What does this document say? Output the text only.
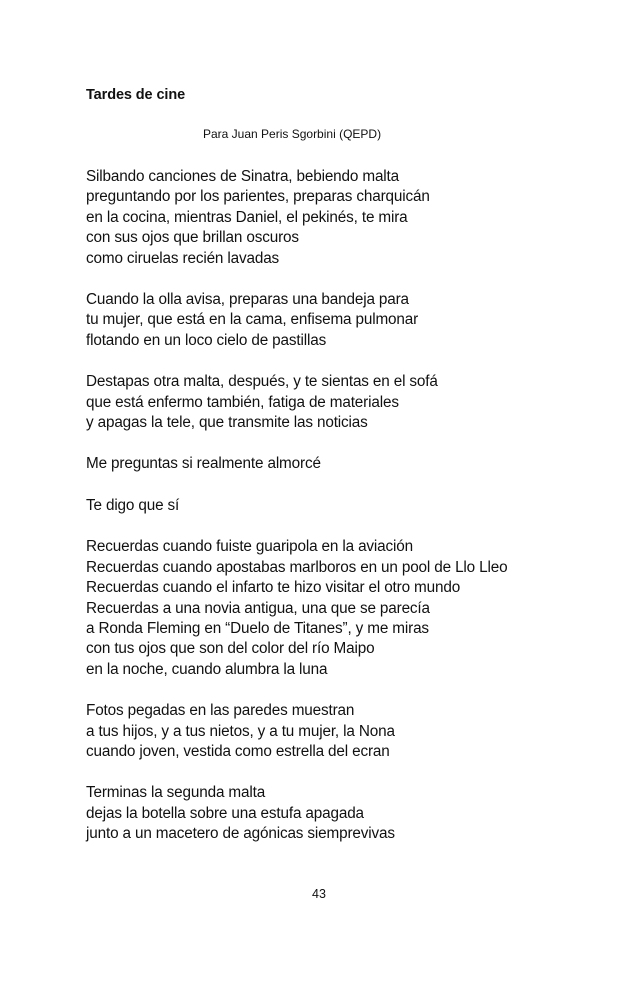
Tardes de cine
Para Juan Peris Sgorbini (QEPD)
Silbando canciones de Sinatra, bebiendo malta
preguntando por los parientes, preparas charquicán
en la cocina, mientras Daniel, el pekinés, te mira
con sus ojos que brillan oscuros
como ciruelas recién lavadas
Cuando la olla avisa, preparas una bandeja para
tu mujer, que está en la cama, enfisema pulmonar
flotando en un loco cielo de pastillas
Destapas otra malta, después, y te sientas en el sofá
que está enfermo también, fatiga de materiales
y apagas la tele, que transmite las noticias
Me preguntas si realmente almorcé
Te digo que sí
Recuerdas cuando fuiste guaripola en la aviación
Recuerdas cuando apostabas marlboros en un pool de Llo Lleo
Recuerdas cuando el infarto te hizo visitar el otro mundo
Recuerdas a una novia antigua, una que se parecía
a Ronda Fleming en “Duelo de Titanes”, y me miras
con tus ojos que son del color del río Maipo
en la noche, cuando alumbra la luna
Fotos pegadas en las paredes muestran
a tus hijos, y a tus nietos, y a tu mujer, la Nona
cuando joven, vestida como estrella del ecran
Terminas la segunda malta
dejas la botella sobre una estufa apagada
junto a un macetero de agónicas siemprevivas
43
